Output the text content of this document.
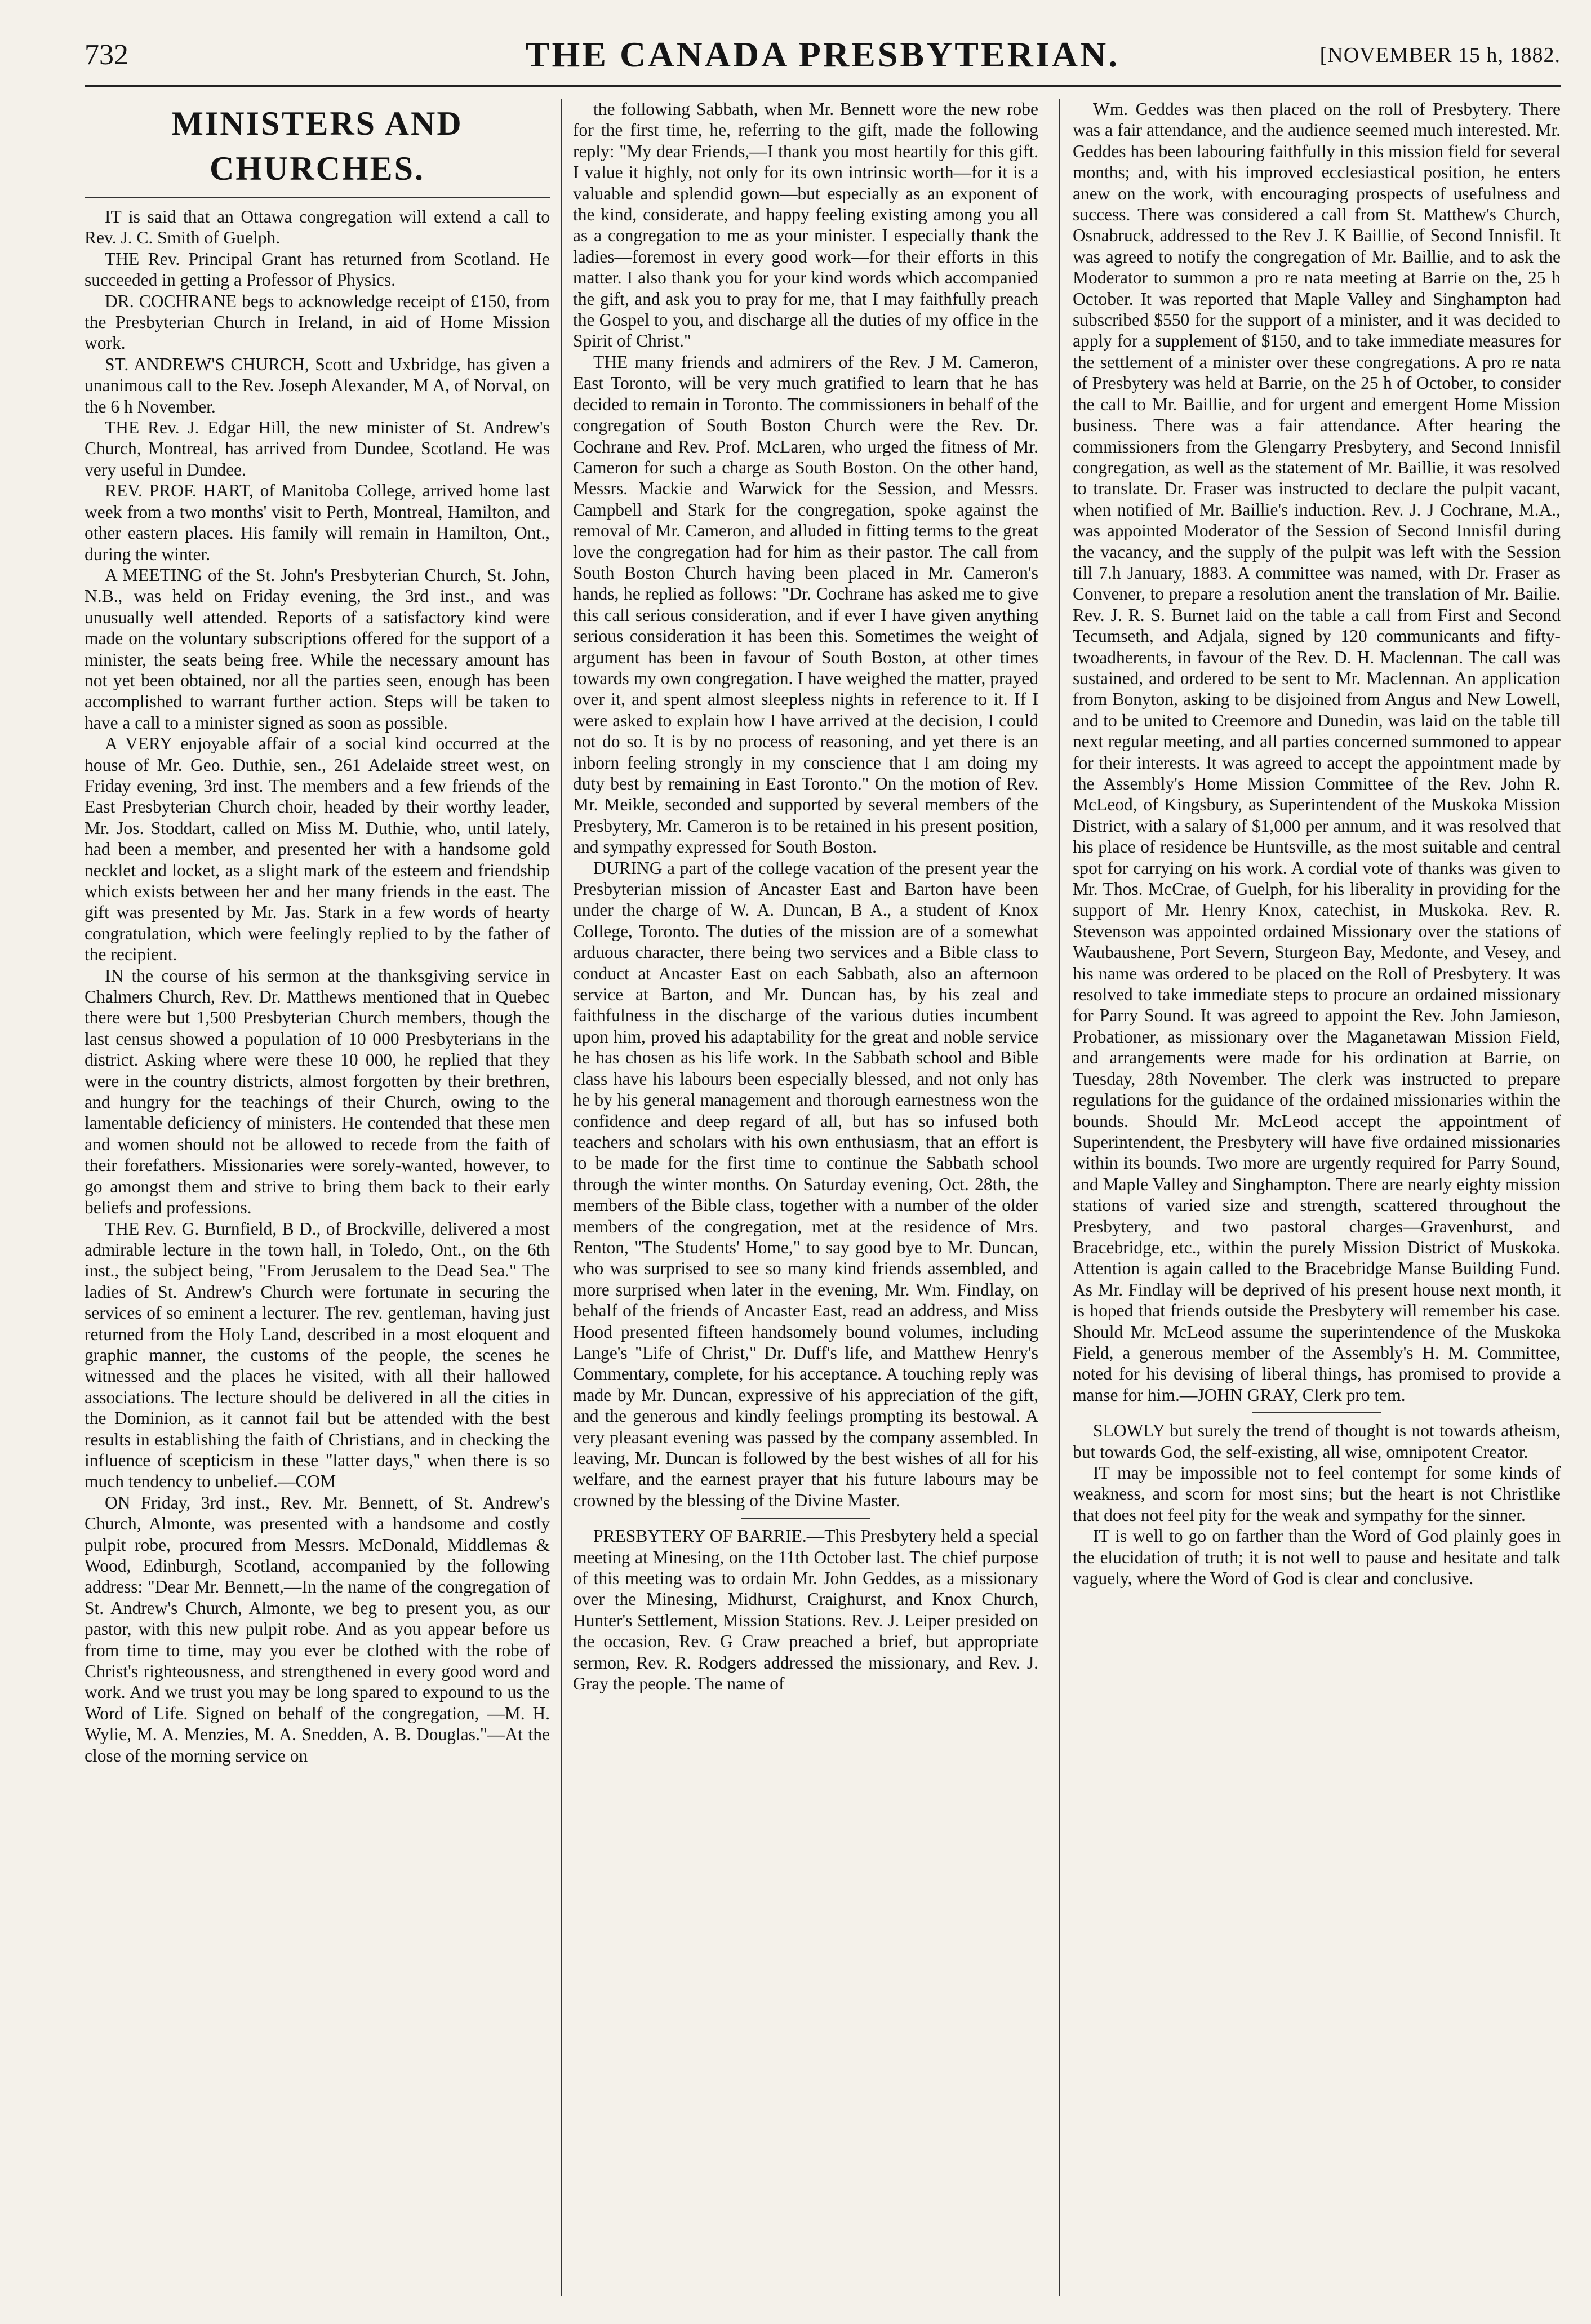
732	THE CANADA PRESBYTERIAN.	[NOVEMBER 15 h, 1882.
MINISTERS AND CHURCHES.

IT is said that an Ottawa congregation will extend a call to Rev. J. C. Smith of Guelph.

THE Rev. Principal Grant has returned from Scotland. He succeeded in getting a Professor of Physics.

DR. COCHRANE begs to acknowledge receipt of £150, from the Presbyterian Church in Ireland, in aid of Home Mission work.

ST. ANDREW'S CHURCH, Scott and Uxbridge, has given a unanimous call to the Rev. Joseph Alexander, M A, of Norval, on the 6 h November.

THE Rev. J. Edgar Hill, the new minister of St. Andrew's Church, Montreal, has arrived from Dundee, Scotland. He was very useful in Dundee.

REV. PROF. HART, of Manitoba College, arrived home last week from a two months' visit to Perth, Montreal, Hamilton, and other eastern places. His family will remain in Hamilton, Ont., during the winter.

A MEETING of the St. John's Presbyterian Church, St. John, N.B., was held on Friday evening, the 3rd inst., and was unusually well attended. Reports of a satisfactory kind were made on the voluntary subscriptions offered for the support of a minister, the seats being free. While the necessary amount has not yet been obtained, nor all the parties seen, enough has been accomplished to warrant further action. Steps will be taken to have a call to a minister signed as soon as possible.

A VERY enjoyable affair of a social kind occurred at the house of Mr. Geo. Duthie, sen., 261 Adelaide street west, on Friday evening, 3rd inst. The members and a few friends of the East Presbyterian Church choir, headed by their worthy leader, Mr. Jos. Stoddart, called on Miss M. Duthie, who, until lately, had been a member, and presented her with a handsome gold necklet and locket, as a slight mark of the esteem and friendship which exists between her and her many friends in the east. The gift was presented by Mr. Jas. Stark in a few words of hearty congratulation, which were feelingly replied to by the father of the recipient.

IN the course of his sermon at the thanksgiving service in Chalmers Church, Rev. Dr. Matthews mentioned that in Quebec there were but 1,500 Presbyterian Church members, though the last census showed a population of 10 000 Presbyterians in the district. Asking where were these 10 000, he replied that they were in the country districts, almost forgotten by their brethren, and hungry for the teachings of their Church, owing to the lamentable deficiency of ministers. He contended that these men and women should not be allowed to recede from the faith of their forefathers. Missionaries were sorely-wanted, however, to go amongst them and strive to bring them back to their early beliefs and professions.

THE Rev. G. Burnfield, B D., of Brockville, delivered a most admirable lecture in the town hall, in Toledo, Ont., on the 6th inst., the subject being, "From Jerusalem to the Dead Sea." The ladies of St. Andrew's Church were fortunate in securing the services of so eminent a lecturer. The rev. gentleman, having just returned from the Holy Land, described in a most eloquent and graphic manner, the customs of the people, the scenes he witnessed and the places he visited, with all their hallowed associations. The lecture should be delivered in all the cities in the Dominion, as it cannot fail but be attended with the best results in establishing the faith of Christians, and in checking the influence of scepticism in these "latter days," when there is so much tendency to unbelief.—COM

ON Friday, 3rd inst., Rev. Mr. Bennett, of St. Andrew's Church, Almonte, was presented with a handsome and costly pulpit robe, procured from Messrs. McDonald, Middlemas & Wood, Edinburgh, Scotland, accompanied by the following address: "Dear Mr. Bennett,—In the name of the congregation of St. Andrew's Church, Almonte, we beg to present you, as our pastor, with this new pulpit robe. And as you appear before us from time to time, may you ever be clothed with the robe of Christ's righteousness, and strengthened in every good word and work. And we trust you may be long spared to expound to us the Word of Life. Signed on behalf of the congregation, —M. H. Wylie, M. A. Menzies, M. A. Snedden, A. B. Douglas."—At the close of the morning service on

the following Sabbath, when Mr. Bennett wore the new robe for the first time, he, referring to the gift, made the following reply: "My dear Friends,—I thank you most heartily for this gift. I value it highly, not only for its own intrinsic worth—for it is a valuable and splendid gown—but especially as an exponent of the kind, considerate, and happy feeling existing among you all as a congregation to me as your minister. I especially thank the ladies—foremost in every good work—for their efforts in this matter. I also thank you for your kind words which accompanied the gift, and ask you to pray for me, that I may faithfully preach the Gospel to you, and discharge all the duties of my office in the Spirit of Christ."

THE many friends and admirers of the Rev. J M. Cameron, East Toronto, will be very much gratified to learn that he has decided to remain in Toronto. The commissioners in behalf of the congregation of South Boston Church were the Rev. Dr. Cochrane and Rev. Prof. McLaren, who urged the fitness of Mr. Cameron for such a charge as South Boston. On the other hand, Messrs. Mackie and Warwick for the Session, and Messrs. Campbell and Stark for the congregation, spoke against the removal of Mr. Cameron, and alluded in fitting terms to the great love the congregation had for him as their pastor. The call from South Boston Church having been placed in Mr. Cameron's hands, he replied as follows: "Dr. Cochrane has asked me to give this call serious consideration, and if ever I have given anything serious consideration it has been this. Sometimes the weight of argument has been in favour of South Boston, at other times towards my own congregation. I have weighed the matter, prayed over it, and spent almost sleepless nights in reference to it. If I were asked to explain how I have arrived at the decision, I could not do so. It is by no process of reasoning, and yet there is an inborn feeling strongly in my conscience that I am doing my duty best by remaining in East Toronto." On the motion of Rev. Mr. Meikle, seconded and supported by several members of the Presbytery, Mr. Cameron is to be retained in his present position, and sympathy expressed for South Boston.

DURING a part of the college vacation of the present year the Presbyterian mission of Ancaster East and Barton have been under the charge of W. A. Duncan, B A., a student of Knox College, Toronto. The duties of the mission are of a somewhat arduous character, there being two services and a Bible class to conduct at Ancaster East on each Sabbath, also an afternoon service at Barton, and Mr. Duncan has, by his zeal and faithfulness in the discharge of the various duties incumbent upon him, proved his adaptability for the great and noble service he has chosen as his life work. In the Sabbath school and Bible class have his labours been especially blessed, and not only has he by his general management and thorough earnestness won the confidence and deep regard of all, but has so infused both teachers and scholars with his own enthusiasm, that an effort is to be made for the first time to continue the Sabbath school through the winter months. On Saturday evening, Oct. 28th, the members of the Bible class, together with a number of the older members of the congregation, met at the residence of Mrs. Renton, "The Students' Home," to say good bye to Mr. Duncan, who was surprised to see so many kind friends assembled, and more surprised when later in the evening, Mr. Wm. Findlay, on behalf of the friends of Ancaster East, read an address, and Miss Hood presented fifteen handsomely bound volumes, including Lange's "Life of Christ," Dr. Duff's life, and Matthew Henry's Commentary, complete, for his acceptance. A touching reply was made by Mr. Duncan, expressive of his appreciation of the gift, and the generous and kindly feelings prompting its bestowal. A very pleasant evening was passed by the company assembled. In leaving, Mr. Duncan is followed by the best wishes of all for his welfare, and the earnest prayer that his future labours may be crowned by the blessing of the Divine Master.

PRESBYTERY OF BARRIE.—This Presbytery held a special meeting at Minesing, on the 11th October last. The chief purpose of this meeting was to ordain Mr. John Geddes, as a missionary over the Minesing, Midhurst, Craighurst, and Knox Church, Hunter's Settlement, Mission Stations. Rev. J. Leiper presided on the occasion, Rev. G Craw preached a brief, but appropriate sermon, Rev. R. Rodgers addressed the missionary, and Rev. J. Gray the people. The name of

Wm. Geddes was then placed on the roll of Presbytery. There was a fair attendance, and the audience seemed much interested. Mr. Geddes has been labouring faithfully in this mission field for several months; and, with his improved ecclesiastical position, he enters anew on the work, with encouraging prospects of usefulness and success. There was considered a call from St. Matthew's Church, Osnabruck, addressed to the Rev J. K Baillie, of Second Innisfil. It was agreed to notify the congregation of Mr. Baillie, and to ask the Moderator to summon a pro re nata meeting at Barrie on the, 25 h October. It was reported that Maple Valley and Singhampton had subscribed $550 for the support of a minister, and it was decided to apply for a supplement of $150, and to take immediate measures for the settlement of a minister over these congregations. A pro re nata of Presbytery was held at Barrie, on the 25 h of October, to consider the call to Mr. Baillie, and for urgent and emergent Home Mission business. There was a fair attendance. After hearing the commissioners from the Glengarry Presbytery, and Second Innisfil congregation, as well as the statement of Mr. Baillie, it was resolved to translate. Dr. Fraser was instructed to declare the pulpit vacant, when notified of Mr. Baillie's induction. Rev. J. J Cochrane, M.A., was appointed Moderator of the Session of Second Innisfil during the vacancy, and the supply of the pulpit was left with the Session till 7.h January, 1883. A committee was named, with Dr. Fraser as Convener, to prepare a resolution anent the translation of Mr. Bailie. Rev. J. R. S. Burnet laid on the table a call from First and Second Tecumseth, and Adjala, signed by 120 communicants and fifty-twoadherents, in favour of the Rev. D. H. Maclennan. The call was sustained, and ordered to be sent to Mr. Maclennan. An application from Bonyton, asking to be disjoined from Angus and New Lowell, and to be united to Creemore and Dunedin, was laid on the table till next regular meeting, and all parties concerned summoned to appear for their interests. It was agreed to accept the appointment made by the Assembly's Home Mission Committee of the Rev. John R. McLeod, of Kingsbury, as Superintendent of the Muskoka Mission District, with a salary of $1,000 per annum, and it was resolved that his place of residence be Huntsville, as the most suitable and central spot for carrying on his work. A cordial vote of thanks was given to Mr. Thos. McCrae, of Guelph, for his liberality in providing for the support of Mr. Henry Knox, catechist, in Muskoka. Rev. R. Stevenson was appointed ordained Missionary over the stations of Waubaushene, Port Severn, Sturgeon Bay, Medonte, and Vesey, and his name was ordered to be placed on the Roll of Presbytery. It was resolved to take immediate steps to procure an ordained missionary for Parry Sound. It was agreed to appoint the Rev. John Jamieson, Probationer, as missionary over the Maganetawan Mission Field, and arrangements were made for his ordination at Barrie, on Tuesday, 28th November. The clerk was instructed to prepare regulations for the guidance of the ordained missionaries within the bounds. Should Mr. McLeod accept the appointment of Superintendent, the Presbytery will have five ordained missionaries within its bounds. Two more are urgently required for Parry Sound, and Maple Valley and Singhampton. There are nearly eighty mission stations of varied size and strength, scattered throughout the Presbytery, and two pastoral charges—Gravenhurst, and Bracebridge, etc., within the purely Mission District of Muskoka. Attention is again called to the Bracebridge Manse Building Fund. As Mr. Findlay will be deprived of his present house next month, it is hoped that friends outside the Presbytery will remember his case. Should Mr. McLeod assume the superintendence of the Muskoka Field, a generous member of the Assembly's H. M. Committee, noted for his devising of liberal things, has promised to provide a manse for him.—JOHN GRAY, Clerk pro tem.

SLOWLY but surely the trend of thought is not towards atheism, but towards God, the self-existing, all wise, omnipotent Creator.

IT may be impossible not to feel contempt for some kinds of weakness, and scorn for most sins; but the heart is not Christlike that does not feel pity for the weak and sympathy for the sinner.

IT is well to go on farther than the Word of God plainly goes in the elucidation of truth; it is not well to pause and hesitate and talk vaguely, where the Word of God is clear and conclusive.
